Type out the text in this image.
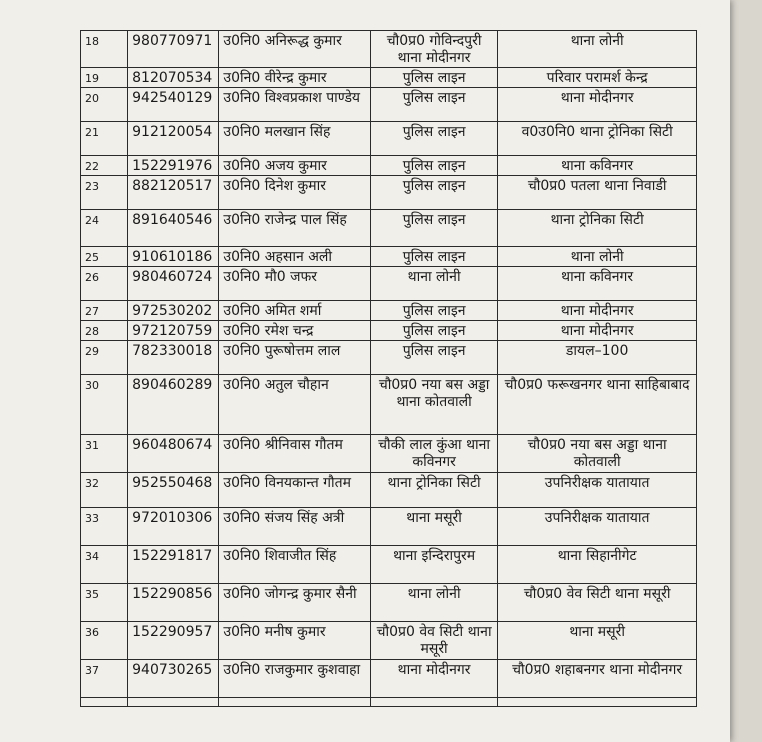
18	980770971	उ0नि0 अनिरूद्ध कुमार	चौ0प्र0 गोविन्दपुरी थाना मोदीनगर	थाना लोनी
19	812070534	उ0नि0 वीरेन्द्र कुमार	पुलिस लाइन	परिवार परामर्श केन्द्र
20	942540129	उ0नि0 विश्वप्रकाश पाण्डेय	पुलिस लाइन	थाना मोदीनगर
21	912120054	उ0नि0 मलखान सिंह	पुलिस लाइन	व0उ0नि0 थाना ट्रोनिका सिटी
22	152291976	उ0नि0 अजय कुमार	पुलिस लाइन	थाना कविनगर
23	882120517	उ0नि0 दिनेश कुमार	पुलिस लाइन	चौ0प्र0 पतला थाना निवाडी
24	891640546	उ0नि0 राजेन्द्र पाल सिंह	पुलिस लाइन	थाना ट्रोनिका सिटी
25	910610186	उ0नि0 अहसान अली	पुलिस लाइन	थाना लोनी
26	980460724	उ0नि0 मौ0 जफर	थाना लोनी	थाना कविनगर
27	972530202	उ0नि0 अमित शर्मा	पुलिस लाइन	थाना मोदीनगर
28	972120759	उ0नि0 रमेश चन्द्र	पुलिस लाइन	थाना मोदीनगर
29	782330018	उ0नि0 पुरूषोत्तम लाल	पुलिस लाइन	डायल–100
30	890460289	उ0नि0 अतुल चौहान	चौ0प्र0 नया बस अड्डा थाना कोतवाली	चौ0प्र0 फरूखनगर थाना साहिबाबाद
31	960480674	उ0नि0 श्रीनिवास गौतम	चौकी लाल कुंआ थाना कविनगर	चौ0प्र0 नया बस अड्डा थाना कोतवाली
32	952550468	उ0नि0 विनयकान्त गौतम	थाना ट्रोनिका सिटी	उपनिरीक्षक यातायात
33	972010306	उ0नि0 संजय सिंह अत्री	थाना मसूरी	उपनिरीक्षक यातायात
34	152291817	उ0नि0 शिवाजीत सिंह	थाना इन्दिरापुरम	थाना सिहानीगेट
35	152290856	उ0नि0 जोगन्द्र कुमार सैनी	थाना लोनी	चौ0प्र0 वेव सिटी थाना मसूरी
36	152290957	उ0नि0 मनीष कुमार	चौ0प्र0 वेव सिटी थाना मसूरी	थाना मसूरी
37	940730265	उ0नि0 राजकुमार कुशवाहा	थाना मोदीनगर	चौ0प्र0 शहाबनगर थाना मोदीनगर
